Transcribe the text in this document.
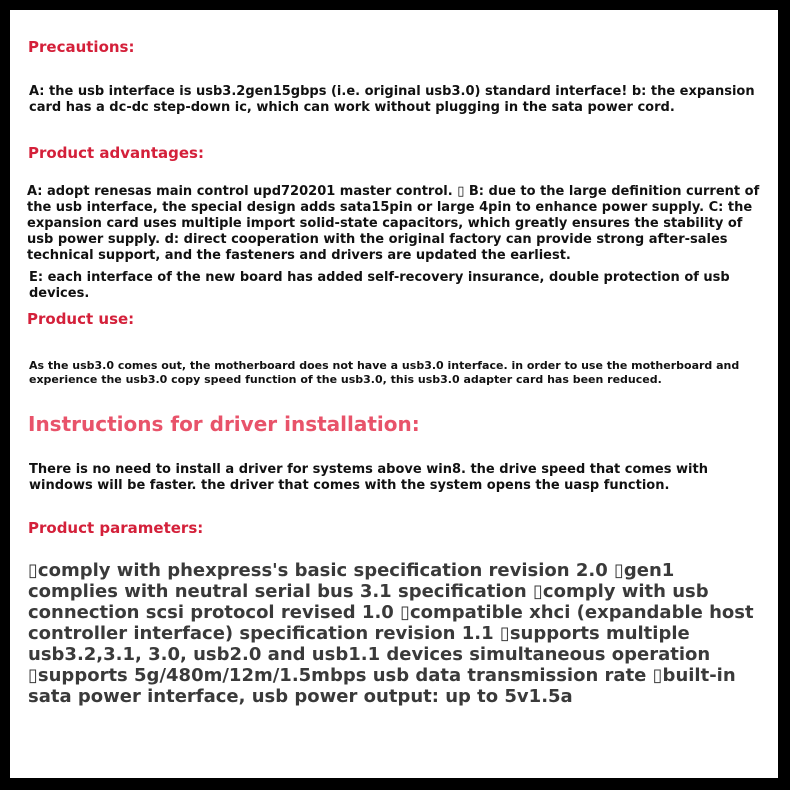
Precautions:

A: the usb interface is usb3.2gen15gbps (i.e. original usb3.0) standard interface! b: the expansion card has a dc-dc step-down ic, which can work without plugging in the sata power cord.

Product advantages:

A: adopt renesas main control upd720201 master control. ▯ B: due to the large definition current of the usb interface, the special design adds sata15pin or large 4pin to enhance power supply. C: the expansion card uses multiple import solid-state capacitors, which greatly ensures the stability of usb power supply. d: direct cooperation with the original factory can provide strong after-sales technical support, and the fasteners and drivers are updated the earliest.

E: each interface of the new board has added self-recovery insurance, double protection of usb devices.

Product use:

As the usb3.0 comes out, the motherboard does not have a usb3.0 interface. in order to use the motherboard and experience the usb3.0 copy speed function of the usb3.0, this usb3.0 adapter card has been reduced.

Instructions for driver installation:

There is no need to install a driver for systems above win8. the drive speed that comes with windows will be faster. the driver that comes with the system opens the uasp function.

Product parameters:

▯comply with phexpress's basic specification revision 2.0 ▯gen1 complies with neutral serial bus 3.1 specification ▯comply with usb connection scsi protocol revised 1.0 ▯compatible xhci (expandable host controller interface) specification revision 1.1 ▯supports multiple usb3.2,3.1, 3.0, usb2.0 and usb1.1 devices simultaneous operation ▯supports 5g/480m/12m/1.5mbps usb data transmission rate ▯built-in sata power interface, usb power output: up to 5v1.5a
